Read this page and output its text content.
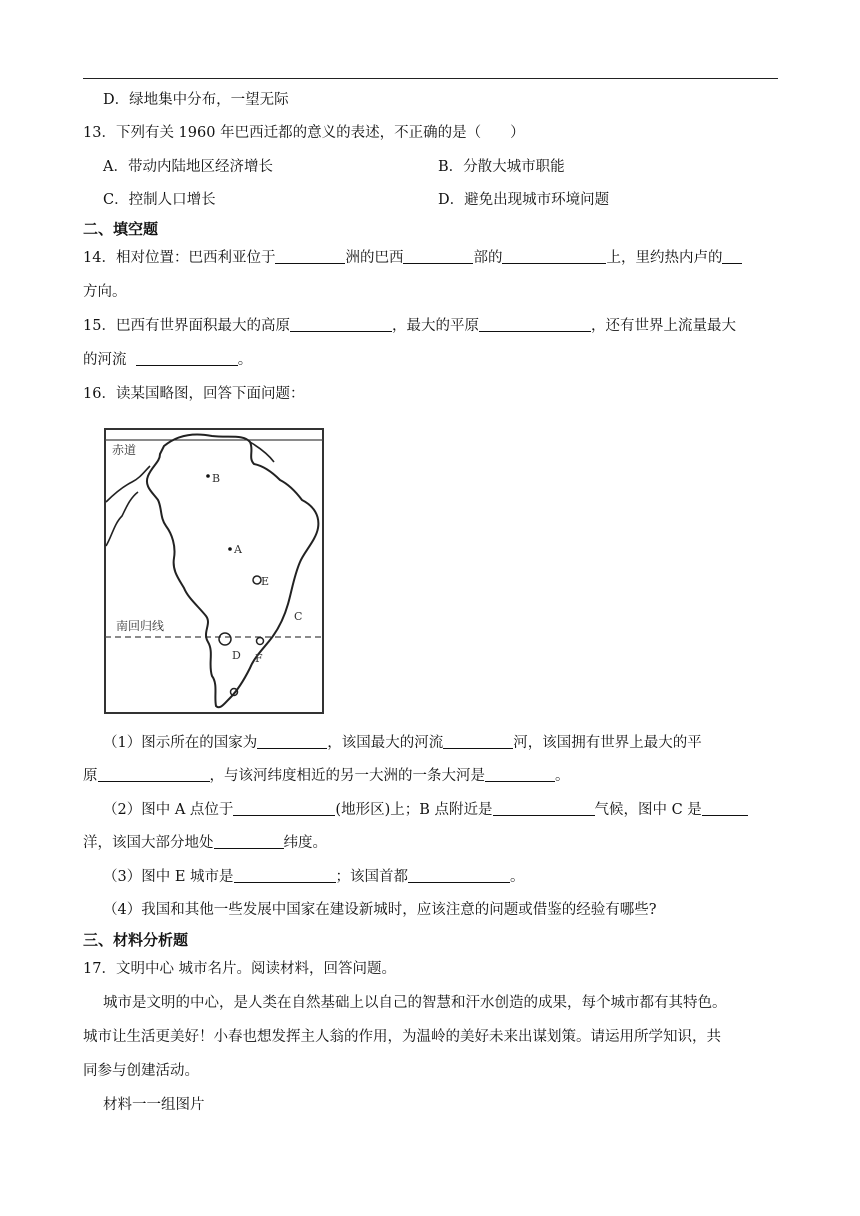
D．绿地集中分布，一望无际
13．下列有关 1960 年巴西迁都的意义的表述，不正确的是（　　）
A．带动内陆地区经济增长	B．分散大城市职能
C．控制人口增长	D．避免出现城市环境问题
二、填空题
14．相对位置：巴西利亚位于	洲的巴西	部的	上，里约热内卢的
方向。
15．巴西有世界面积最大的高原	，最大的平原	，还有世界上流量最大
的河流	。
16．读某国略图，回答下面问题：
赤道
南回归线
B
A
E
C
D F
（1）图示所在的国家为	，该国最大的河流	河，该国拥有世界上最大的平
原	，与该河纬度相近的另一大洲的一条大河是	。
（2）图中 A 点位于	(地形区)上；B 点附近是	气候，图中 C 是
洋，该国大部分地处	纬度。
（3）图中 E 城市是	；该国首都	。
（4）我国和其他一些发展中国家在建设新城时，应该注意的问题或借鉴的经验有哪些?
三、材料分析题
17．文明中心 城市名片。阅读材料，回答问题。
城市是文明的中心，是人类在自然基础上以自己的智慧和汗水创造的成果，每个城市都有其特色。
城市让生活更美好！小春也想发挥主人翁的作用，为温岭的美好未来出谋划策。请运用所学知识，共
同参与创建活动。
材料一一组图片
